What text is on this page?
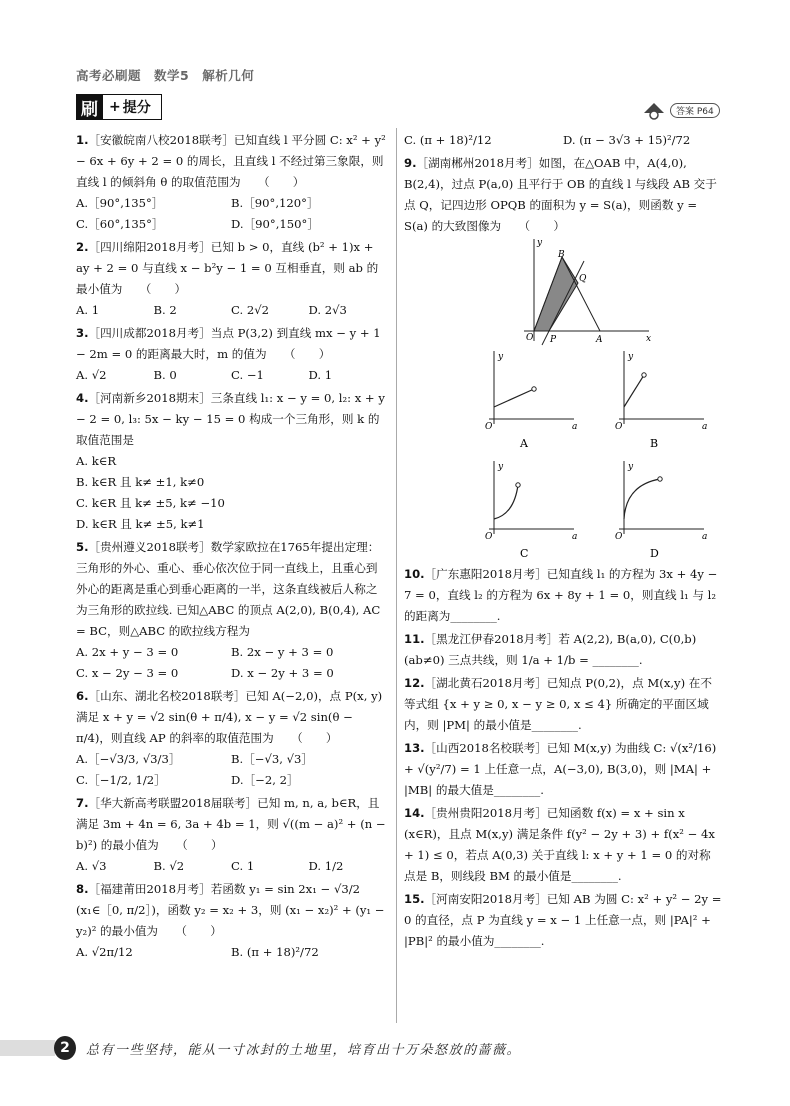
高考必刷题　数学5　解析几何
刷 + 提分	答案 P64
1.［安徽皖南八校2018联考］已知直线 l 平分圆 C: x² + y² − 6x + 6y + 2 = 0 的周长，且直线 l 不经过第三象限，则直线 l 的倾斜角 θ 的取值范围为　　（　　）
A.［90°,135°］	B.［90°,120°］
C.［60°,135°］	D.［90°,150°］
2.［四川绵阳2018月考］已知 b > 0，直线 (b² + 1)x + ay + 2 = 0 与直线 x − b²y − 1 = 0 互相垂直，则 ab 的最小值为　　（　　）
A. 1	B. 2	C. 2√2	D. 2√3
3.［四川成都2018月考］当点 P(3,2) 到直线 mx − y + 1 − 2m = 0 的距离最大时，m 的值为　　（　　）
A. √2	B. 0	C. −1	D. 1
4.［河南新乡2018期末］三条直线 l₁: x − y = 0, l₂: x + y − 2 = 0, l₃: 5x − ky − 15 = 0 构成一个三角形，则 k 的取值范围是
A. k∈R
B. k∈R 且 k≠ ±1, k≠0
C. k∈R 且 k≠ ±5, k≠ −10
D. k∈R 且 k≠ ±5, k≠1
5.［贵州遵义2018联考］数学家欧拉在1765年提出定理：三角形的外心、重心、垂心依次位于同一直线上，且重心到外心的距离是重心到垂心距离的一半，这条直线被后人称之为三角形的欧拉线. 已知△ABC 的顶点 A(2,0), B(0,4), AC = BC，则△ABC 的欧拉线方程为
A. 2x + y − 3 = 0	B. 2x − y + 3 = 0
C. x − 2y − 3 = 0	D. x − 2y + 3 = 0
6.［山东、湖北名校2018联考］已知 A(−2,0)，点 P(x, y) 满足 x + y = √2 sin(θ + π/4), x − y = √2 sin(θ − π/4)，则直线 AP 的斜率的取值范围为　　（　　）
A.［−√3/3, √3/3］	B.［−√3, √3］
C.［−1/2, 1/2］	D.［−2, 2］
7.［华大新高考联盟2018届联考］已知 m, n, a, b∈R，且满足 3m + 4n = 6, 3a + 4b = 1，则 √((m − a)² + (n − b)²) 的最小值为　　（　　）
A. √3	B. √2	C. 1	D. 1/2
8.［福建莆田2018月考］若函数 y₁ = sin 2x₁ − √3/2 (x₁∈［0, π/2］)，函数 y₂ = x₂ + 3，则 (x₁ − x₂)² + (y₁ − y₂)² 的最小值为　　（　　）
A. √2π/12	B. (π + 18)²/72
C. (π + 18)²/12	D. (π − 3√3 + 15)²/72
9.［湖南郴州2018月考］如图，在△OAB 中，A(4,0), B(2,4)，过点 P(a,0) 且平行于 OB 的直线 l 与线段 AB 交于点 Q，记四边形 OPQB 的面积为 y = S(a)，则函数 y = S(a) 的大致图像为　　（　　）
O P	A
B
Q
x
y
O
y
a
A
O
y
a
B
O
y
a
C
O
y
a
D
10.［广东惠阳2018月考］已知直线 l₁ 的方程为 3x + 4y − 7 = 0，直线 l₂ 的方程为 6x + 8y + 1 = 0，则直线 l₁ 与 l₂ 的距离为________.
11.［黑龙江伊春2018月考］若 A(2,2), B(a,0), C(0,b)(ab≠0) 三点共线，则 1/a + 1/b = ________.
12.［湖北黄石2018月考］已知点 P(0,2)，点 M(x,y) 在不等式组 {x + y ≥ 0, x − y ≥ 0, x ≤ 4} 所确定的平面区域内，则 |PM| 的最小值是________.
13.［山西2018名校联考］已知 M(x,y) 为曲线 C: √(x²/16) + √(y²/7) = 1 上任意一点，A(−3,0), B(3,0)，则 |MA| + |MB| 的最大值是________.
14.［贵州贵阳2018月考］已知函数 f(x) = x + sin x (x∈R)，且点 M(x,y) 满足条件 f(y² − 2y + 3) + f(x² − 4x + 1) ≤ 0，若点 A(0,3) 关于直线 l: x + y + 1 = 0 的对称点是 B，则线段 BM 的最小值是________.
15.［河南安阳2018月考］已知 AB 为圆 C: x² + y² − 2y = 0 的直径，点 P 为直线 y = x − 1 上任意一点，则 |PA|² + |PB|² 的最小值为________.
2	总有一些坚持，能从一寸冰封的土地里，培育出十万朵怒放的蔷薇。
